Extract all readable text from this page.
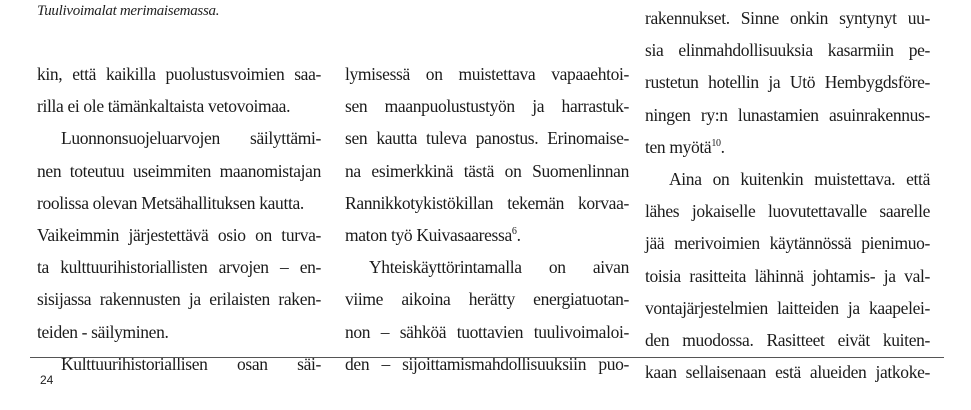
Tuulivoimalat merimaisemassa.
kin, että kaikilla puolustusvoimien saa-
rilla ei ole tämänkaltaista vetovoimaa.
Luonnonsuojeluarvojen säilyttämi-
nen toteutuu useimmiten maanomistajan
roolissa olevan Metsähallituksen kautta.
Vaikeimmin järjestettävä osio on turva-
ta kulttuurihistoriallisten arvojen – en-
sisijassa rakennusten ja erilaisten raken-
teiden - säilyminen.
Kulttuurihistoriallisen osan säi-
lymisessä on muistettava vapaaehtoi-
sen maanpuolustustyön ja harrastuk-
sen kautta tuleva panostus. Erinomaise-
na esimerkkinä tästä on Suomenlinnan
Rannikkotykistökillan tekemän korvaa-
maton työ Kuivasaaressa$^6$.
Yhteiskäyttörintamalla on aivan
viime aikoina herätty energiatuotan-
non – sähköä tuottavien tuulivoimaloi-
den – sijoittamismahdollisuuksiin puo-
rakennukset. Sinne onkin syntynyt uu-
sia elinmahdollisuuksia kasarmiin pe-
rustetun hotellin ja Utö Hembygdsföre-
ningen ry:n lunastamien asuinrakennus-
ten myötä$^{10}$.
Aina on kuitenkin muistettava. että
lähes jokaiselle luovutettavalle saarelle
jää merivoimien käytännössä pienimuo-
toisia rasitteita lähinnä johtamis- ja val-
vontajärjestelmien laitteiden ja kaapelei-
den muodossa. Rasitteet eivät kuiten-
kaan sellaisenaan estä alueiden jatkoke-
24
